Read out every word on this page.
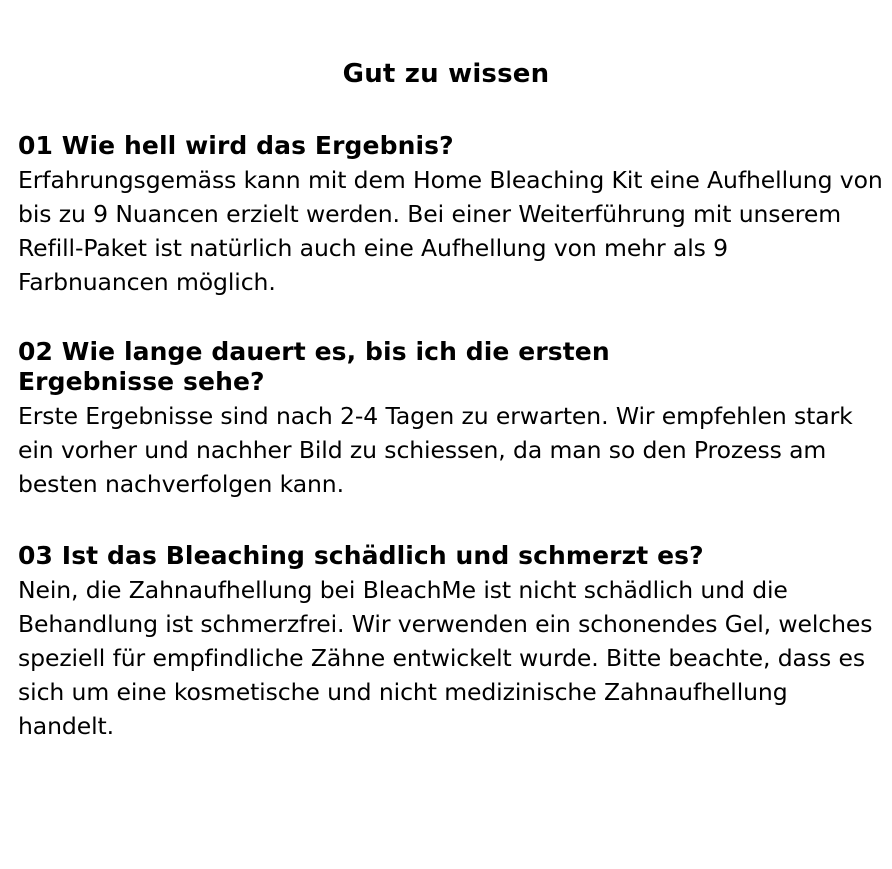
Gut zu wissen
01 Wie hell wird das Ergebnis?

Erfahrungsgemäss kann mit dem Home Bleaching Kit eine Aufhellung von bis zu 9 Nuancen erzielt werden. Bei einer Weiterführung mit unserem Refill-Paket ist natürlich auch eine Aufhellung von mehr als 9 Farbnuancen möglich.

02 Wie lange dauert es, bis ich die ersten
Ergebnisse sehe?

Erste Ergebnisse sind nach 2-4 Tagen zu erwarten. Wir empfehlen stark ein vorher und nachher Bild zu schiessen, da man so den Prozess am besten nachverfolgen kann.

03 Ist das Bleaching schädlich und schmerzt es?

Nein, die Zahnaufhellung bei BleachMe ist nicht schädlich und die Behandlung ist schmerzfrei. Wir verwenden ein schonendes Gel, welches speziell für empfindliche Zähne entwickelt wurde. Bitte beachte, dass es sich um eine kosmetische und nicht medizinische Zahnaufhellung handelt.
